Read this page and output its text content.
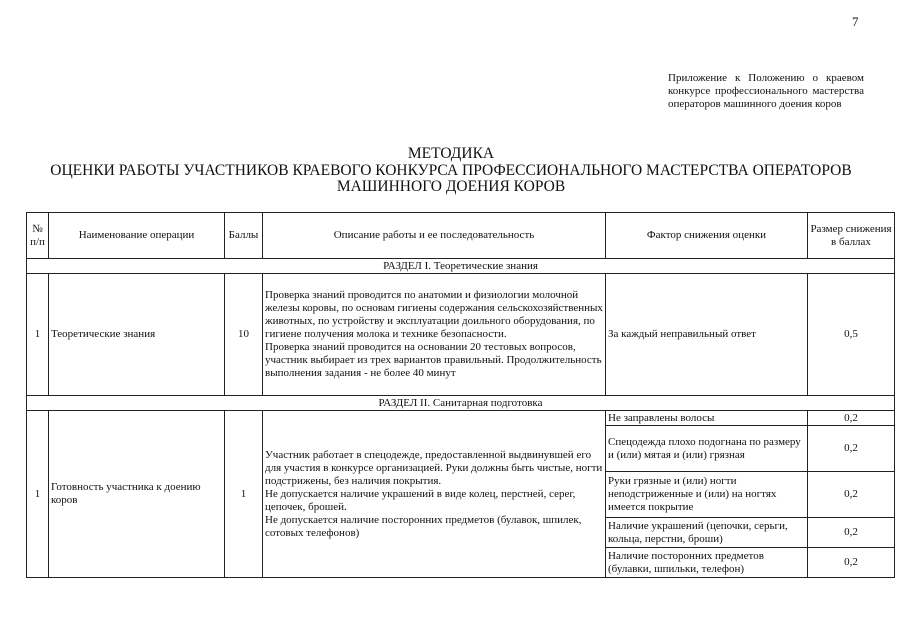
7
Приложение к Положению о краевом конкурсе профессионального мастерства операторов машинного доения коров
МЕТОДИКА
ОЦЕНКИ РАБОТЫ УЧАСТНИКОВ КРАЕВОГО КОНКУРСА ПРОФЕССИОНАЛЬНОГО МАСТЕРСТВА ОПЕРАТОРОВ
МАШИННОГО ДОЕНИЯ КОРОВ
№ п/п	Наименование операции	Баллы	Описание работы и ее последовательность	Фактор снижения оценки	Размер снижения в баллах
РАЗДЕЛ I. Теоретические знания					
1	Теоретические знания	10	Проверка знаний проводится по анатомии и физиологии молочной железы коровы, по основам гигиены содержания сельскохозяйственных животных, по устройству и эксплуатации доильного оборудования, по гигиене получения молока и технике безопасности.
Проверка знаний проводится на основании 20 тестовых вопросов, участник выбирает из трех вариантов правильный. Продолжительность выполнения задания - не более 40 минут	За каждый неправильный ответ	0,5
РАЗДЕЛ II. Санитарная подготовка					
1	Готовность участника к доению коров	1	Участник работает в спецодежде, предоставленной выдвинувшей его для участия в конкурсе организацией. Руки должны быть чистые, ногти подстрижены, без наличия покрытия.
Не допускается наличие украшений в виде колец, перстней, серег, цепочек, брошей.
Не допускается наличие посторонних предметов (булавок, шпилек, сотовых телефонов)	Не заправлены волосы	0,2
				Спецодежда плохо подогнана по размеру и (или) мятая и (или) грязная	0,2
				Руки грязные и (или) ногти неподстриженные и (или) на ногтях имеется покрытие	0,2
				Наличие украшений (цепочки, серьги, кольца, перстни, броши)	0,2
				Наличие посторонних предметов (булавки, шпильки, телефон)	0,2
